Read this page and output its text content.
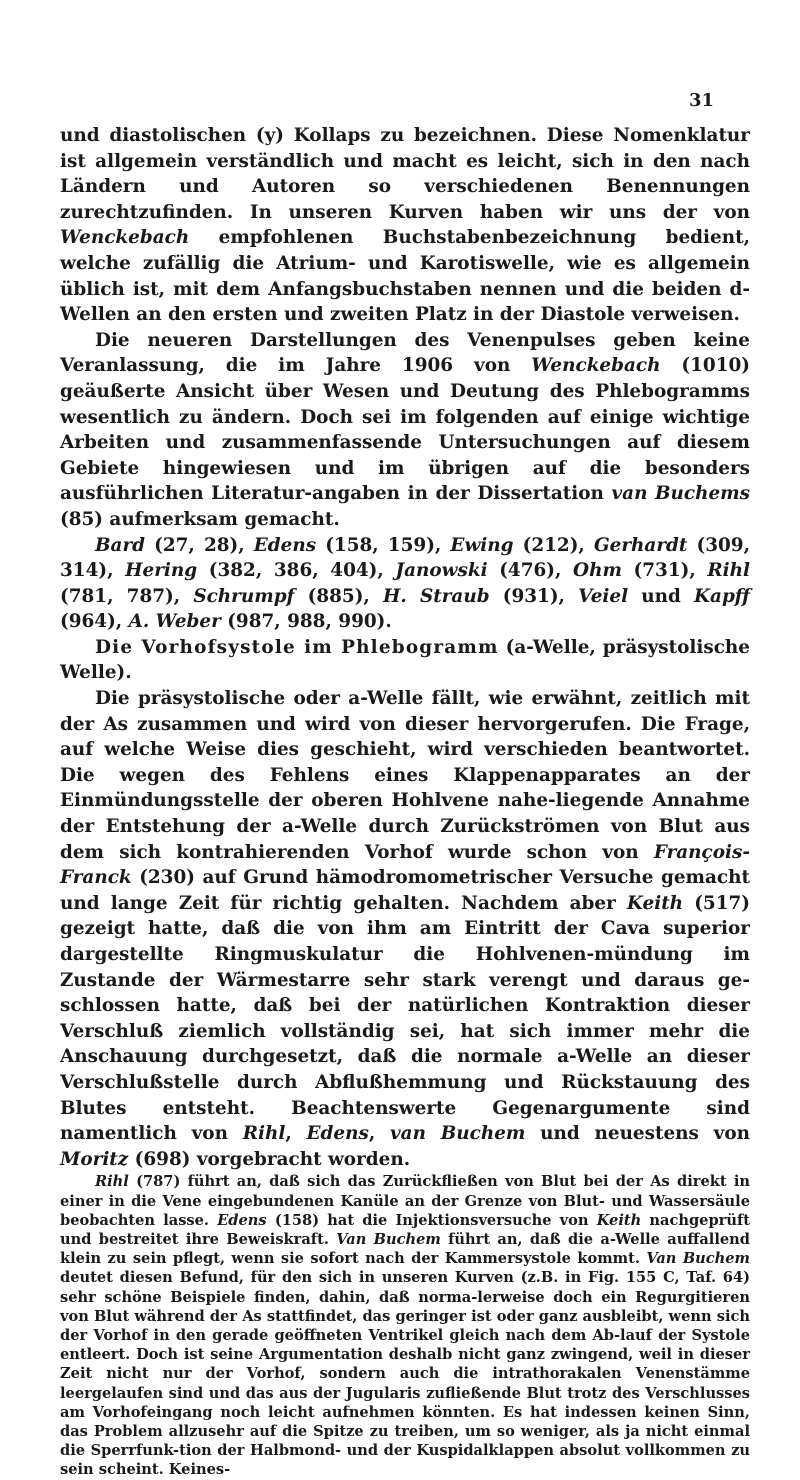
31

und diastolischen (y) Kollaps zu bezeichnen. Diese Nomenklatur ist allgemein verständlich und macht es leicht, sich in den nach Ländern und Autoren so verschiedenen Benennungen zurechtzufinden. In unseren Kurven haben wir uns der von Wenckebach empfohlenen Buchstabenbezeichnung bedient, welche zufällig die Atrium- und Karotiswelle, wie es allgemein üblich ist, mit dem Anfangsbuchstaben nennen und die beiden d-Wellen an den ersten und zweiten Platz in der Diastole verweisen.

Die neueren Darstellungen des Venenpulses geben keine Veranlassung, die im Jahre 1906 von Wenckebach (1010) geäußerte Ansicht über Wesen und Deutung des Phlebogramms wesentlich zu ändern. Doch sei im folgenden auf einige wichtige Arbeiten und zusammenfassende Untersuchungen auf diesem Gebiete hingewiesen und im übrigen auf die besonders ausführlichen Literatur-angaben in der Dissertation van Buchems (85) aufmerksam gemacht.

Bard (27, 28), Edens (158, 159), Ewing (212), Gerhardt (309, 314), Hering (382, 386, 404), Janowski (476), Ohm (731), Rihl (781, 787), Schrumpf (885), H. Straub (931), Veiel und Kapff (964), A. Weber (987, 988, 990).

Die Vorhofsystole im Phlebogramm (a-Welle, präsystolische Welle).

Die präsystolische oder a-Welle fällt, wie erwähnt, zeitlich mit der As zusammen und wird von dieser hervorgerufen. Die Frage, auf welche Weise dies geschieht, wird verschieden beantwortet. Die wegen des Fehlens eines Klappenapparates an der Einmündungsstelle der oberen Hohlvene nahe-liegende Annahme der Entstehung der a-Welle durch Zurückströmen von Blut aus dem sich kontrahierenden Vorhof wurde schon von François-Franck (230) auf Grund hämodromometrischer Versuche gemacht und lange Zeit für richtig gehalten. Nachdem aber Keith (517) gezeigt hatte, daß die von ihm am Eintritt der Cava superior dargestellte Ringmuskulatur die Hohlvenen-mündung im Zustande der Wärmestarre sehr stark verengt und daraus ge-schlossen hatte, daß bei der natürlichen Kontraktion dieser Verschluß ziemlich vollständig sei, hat sich immer mehr die Anschauung durchgesetzt, daß die normale a-Welle an dieser Verschlußstelle durch Abflußhemmung und Rückstauung des Blutes entsteht. Beachtenswerte Gegenargumente sind namentlich von Rihl, Edens, van Buchem und neuestens von Moritz (698) vorgebracht worden.

Rihl (787) führt an, daß sich das Zurückfließen von Blut bei der As direkt in einer in die Vene eingebundenen Kanüle an der Grenze von Blut- und Wassersäule beobachten lasse. Edens (158) hat die Injektionsversuche von Keith nachgeprüft und bestreitet ihre Beweiskraft. Van Buchem führt an, daß die a-Welle auffallend klein zu sein pflegt, wenn sie sofort nach der Kammersystole kommt. Van Buchem deutet diesen Befund, für den sich in unseren Kurven (z.B. in Fig. 155 C, Taf. 64) sehr schöne Beispiele finden, dahin, daß norma-lerweise doch ein Regurgitieren von Blut während der As stattfindet, das geringer ist oder ganz ausbleibt, wenn sich der Vorhof in den gerade geöffneten Ventrikel gleich nach dem Ab-lauf der Systole entleert. Doch ist seine Argumentation deshalb nicht ganz zwingend, weil in dieser Zeit nicht nur der Vorhof, sondern auch die intrathorakalen Venenstämme leergelaufen sind und das aus der Jugularis zufließende Blut trotz des Verschlusses am Vorhofeingang noch leicht aufnehmen könnten. Es hat indessen keinen Sinn, das Problem allzusehr auf die Spitze zu treiben, um so weniger, als ja nicht einmal die Sperrfunk-tion der Halbmond- und der Kuspidalklappen absolut vollkommen zu sein scheint. Keines-
